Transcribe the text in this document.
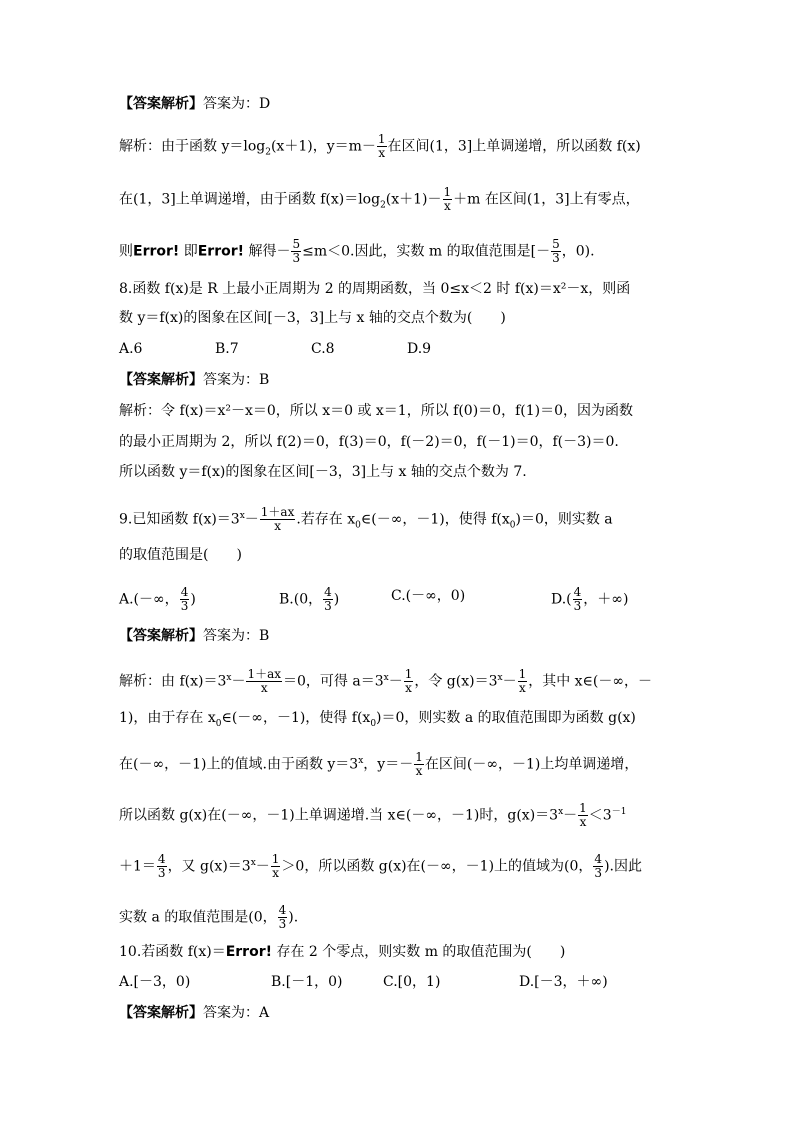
【答案解析】答案为：D
解析：由于函数 $y=\log_2(x+1)$，$y=m- \frac{1}{x}$ 在区间(1，3]上单调递增，所以函数 f(x)
在(1，3]上单调递增，由于函数 $f(x)=\log_2(x+1)- \frac{1}{x} +m$ 在区间(1，3]上有零点，
则Error! 即Error! 解得－ $\frac{5}{3} \le m<0$.因此，实数 m 的取值范围是[－ $\frac{5}{3}$ ，0).
8.函数 f(x)是 R 上最小正周期为 2 的周期函数，当 0≤x＜2 时 f(x)＝x²－x，则函
数 y＝f(x)的图象在区间[－3，3]上与 x 轴的交点个数为(　　)
A.6	B.7	C.8	D.9
【答案解析】答案为：B
解析：令 f(x)＝x²－x＝0，所以 x＝0 或 x＝1，所以 f(0)＝0，f(1)＝0，因为函数
的最小正周期为 2，所以 f(2)＝0，f(3)＝0，f(－2)＝0，f(－1)＝0，f(－3)＝0.
所以函数 y＝f(x)的图象在区间[－3，3]上与 x 轴的交点个数为 7.
9.已知函数 $f(x)=3^x- \frac{1+ax}{x}$ .若存在 $x_0\in(-\infty$，－1)，使得 $f(x_0)=0$，则实数 a
的取值范围是(　　)
A.(－∞， $\frac{4}{3}$ )	B.(0， $\frac{4}{3}$ )	C.(－∞，0)	$D.( \frac{4}{3}$ ，＋∞)
【答案解析】答案为：B
解析：由 $f(x)=3^x- \frac{1+ax}{x} =0$，可得 $a=3^x- \frac{1}{x}$ ，令 $g(x)=3^x- \frac{1}{x}$ ，其中 x∈(－∞，－
1)，由于存在 $x_0\in(-\infty$，－1)，使得 $f(x_0)=0$，则实数 a 的取值范围即为函数 g(x)
在(－∞，－1)上的值域.由于函数 $y=3^x$，$y=- \frac{1}{x}$ 在区间(－∞，－1)上均单调递增，
所以函数 g(x)在(－∞，－1)上单调递增.当 x∈(－∞，－1)时，$g(x)=3^x- \frac{1}{x} <3^{-1}$
$+1= \frac{4}{3}$ ，又 $g(x)=3^x- \frac{1}{x} >0$，所以函数 g(x)在(－∞，－1)上的值域为(0， $\frac{4}{3}$ ).因此
实数 a 的取值范围是(0， $\frac{4}{3}$ ).
10.若函数 f(x)＝Error! 存在 2 个零点，则实数 m 的取值范围为(　　)
A.[－3，0)	B.[－1，0)	C.[0，1)	D.[－3，＋∞)
【答案解析】答案为：A
